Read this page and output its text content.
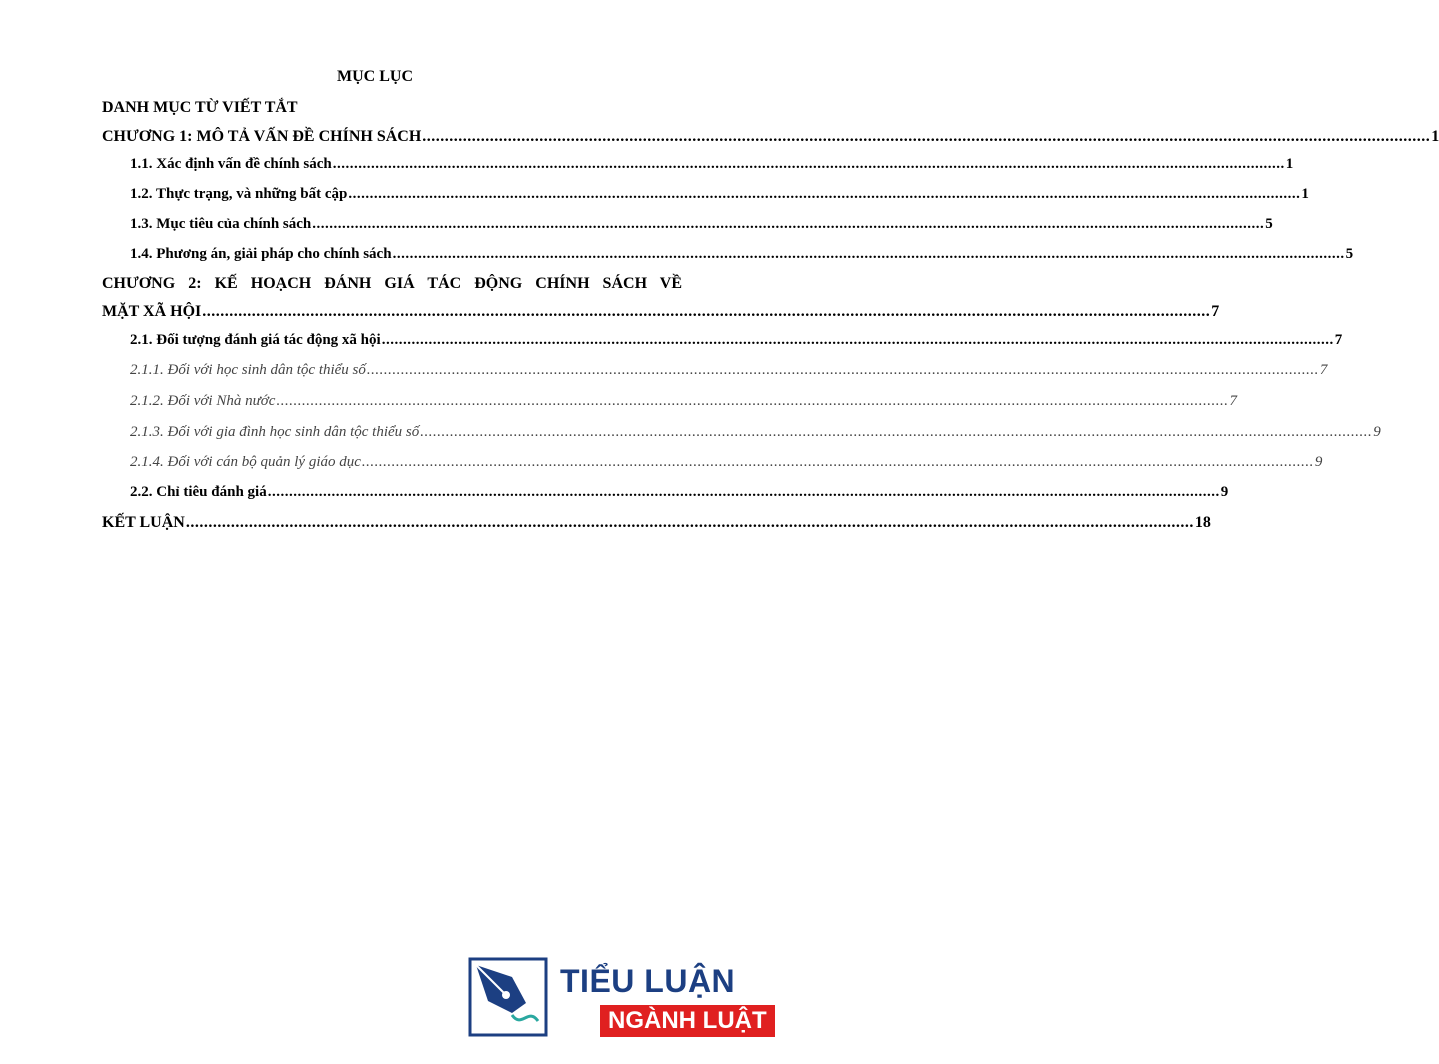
MỤC LỤC
DANH MỤC TỪ VIẾT TẮT
CHƯƠNG 1: MÔ TẢ VẤN ĐỀ CHÍNH SÁCH .....	1
1.1. Xác định vấn đề chính sách .....	1
1.2. Thực trạng, và những bất cập .....	1
1.3. Mục tiêu của chính sách .....	5
1.4. Phương án, giải pháp cho chính sách .....	5
CHƯƠNG 2: KẾ HOẠCH ĐÁNH GIÁ TÁC ĐỘNG CHÍNH SÁCH VỀ
MẶT XÃ HỘI .....	7
2.1. Đối tượng đánh giá tác động xã hội .....	7
2.1.1. Đối với học sinh dân tộc thiểu số .....	7
2.1.2. Đối với Nhà nước .....	7
2.1.3. Đối với gia đình học sinh dân tộc thiểu số .....	9
2.1.4. Đối với cán bộ quản lý giáo dục .....	9
2.2. Chỉ tiêu đánh giá .....	9
KẾT LUẬN .....	18
TIỂU LUẬN
NGÀNH LUẬT
